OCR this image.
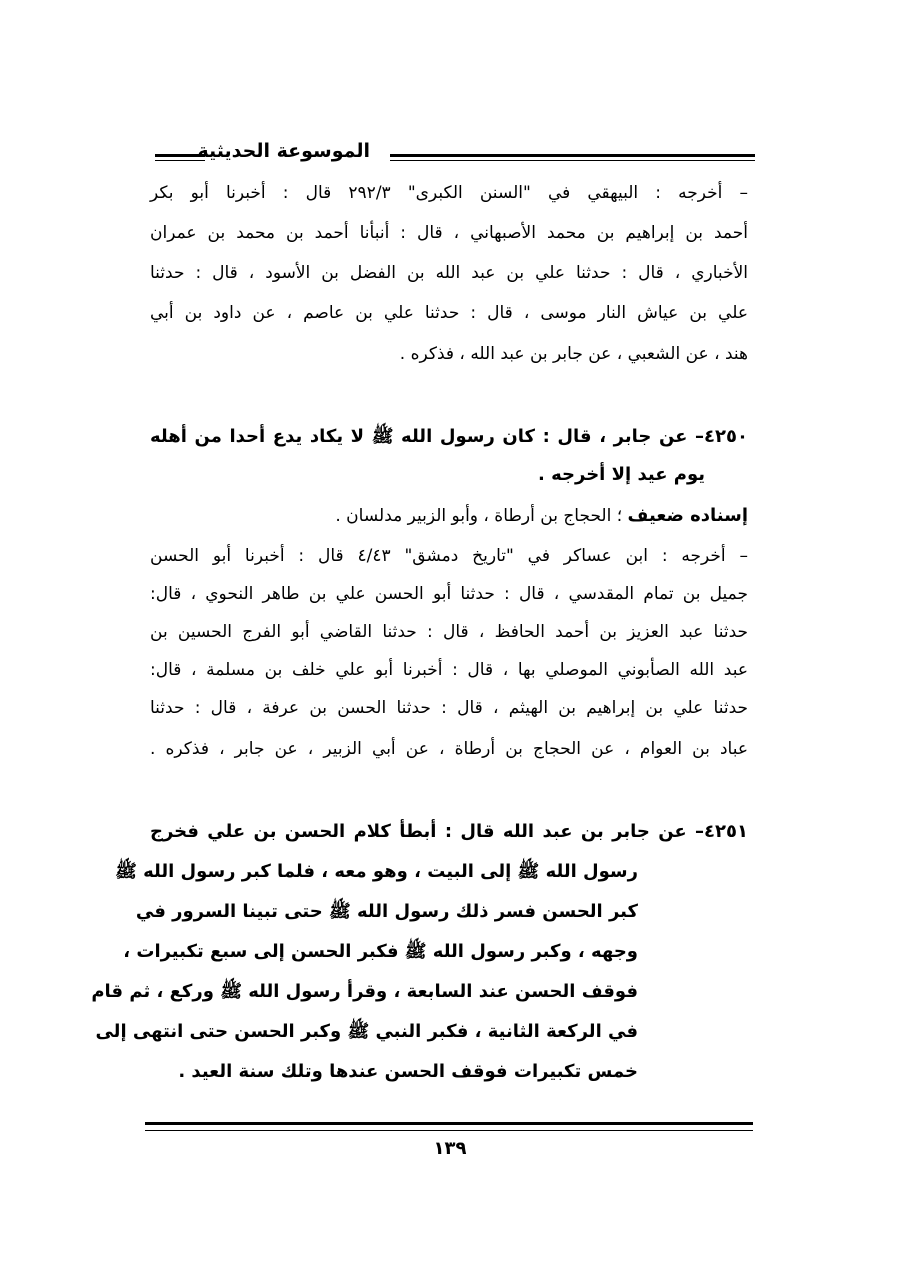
الموسوعة الحديثية
– أخرجه : البيهقي في "السنن الكبرى" ٢٩٢/٣ قال : أخبرنا أبو بكر
أحمد بن إبراهيم بن محمد الأصبهاني ، قال : أنبأنا أحمد بن محمد بن عمران
الأخباري ، قال : حدثنا علي بن عبد الله بن الفضل بن الأسود ، قال : حدثنا
علي بن عياش النار موسى ، قال : حدثنا علي بن عاصم ، عن داود بن أبي
هند ، عن الشعبي ، عن جابر بن عبد الله ، فذكره .
٤٢٥٠– عن جابر ، قال : كان رسول الله ﷺ لا يكاد يدع أحدا من أهله
يوم عيد إلا أخرجه .
إسناده ضعيف ؛ الحجاج بن أرطاة ، وأبو الزبير مدلسان .
– أخرجه : ابن عساكر في "تاريخ دمشق" ٤/٤٣ قال : أخبرنا أبو الحسن
جميل بن تمام المقدسي ، قال : حدثنا أبو الحسن علي بن طاهر النحوي ، قال:
حدثنا عبد العزيز بن أحمد الحافظ ، قال : حدثنا القاضي أبو الفرج الحسين بن
عبد الله الصأبوني الموصلي بها ، قال : أخبرنا أبو علي خلف بن مسلمة ، قال:
حدثنا علي بن إبراهيم بن الهيثم ، قال : حدثنا الحسن بن عرفة ، قال : حدثنا
عباد بن العوام ، عن الحجاج بن أرطاة ، عن أبي الزبير ، عن جابر ، فذكره .
٤٢٥١– عن جابر بن عبد الله قال : أبطأ كلام الحسن بن علي فخرج
رسول الله ﷺ إلى البيت ، وهو معه ، فلما كبر رسول الله ﷺ
كبر الحسن فسر ذلك رسول الله ﷺ حتى تبينا السرور في
وجهه ، وكبر رسول الله ﷺ فكبر الحسن إلى سبع تكبيرات ،
فوقف الحسن عند السابعة ، وقرأ رسول الله ﷺ وركع ، ثم قام
في الركعة الثانية ، فكبر النبي ﷺ وكبر الحسن حتى انتهى إلى
خمس تكبيرات فوقف الحسن عندها وتلك سنة العيد .
١٣٩
